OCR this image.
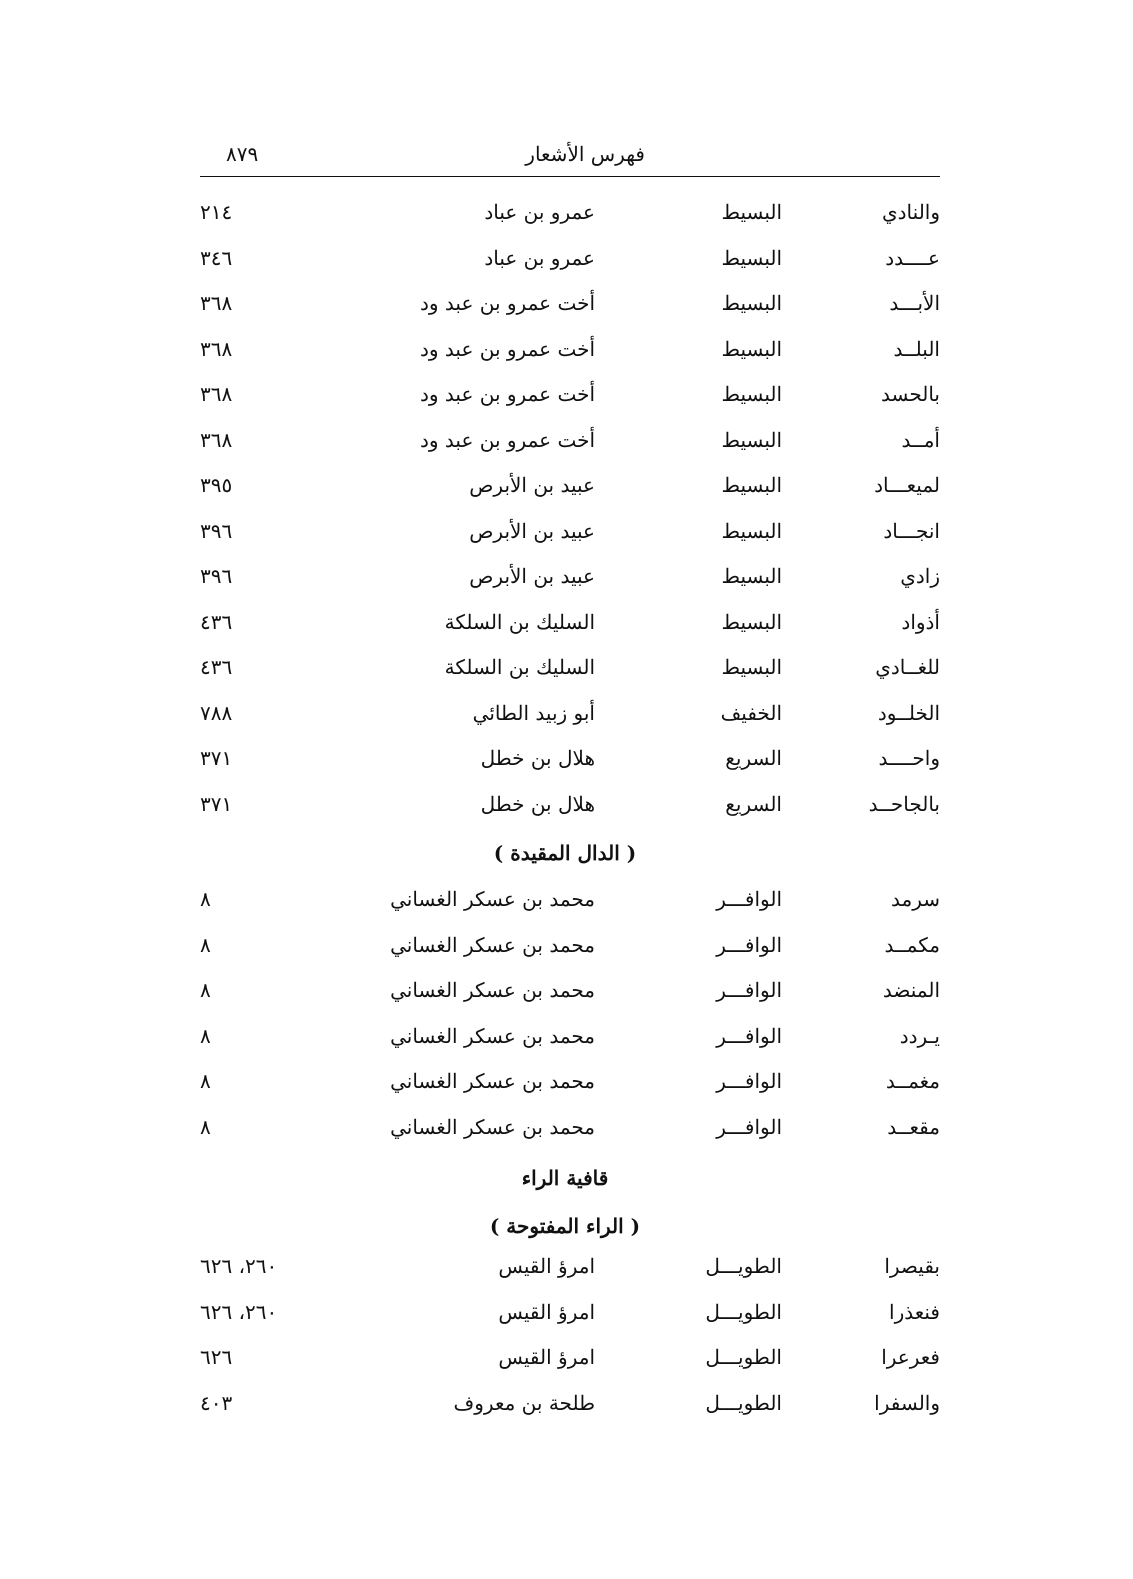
فهرس الأشعار
٨٧٩
والنادي
البسيط
عمرو بن عباد
٢١٤
عــــدد
البسيط
عمرو بن عباد
٣٤٦
الأبـــد
البسيط
أخت عمرو بن عبد ود
٣٦٨
البلــد
البسيط
أخت عمرو بن عبد ود
٣٦٨
بالحسد
البسيط
أخت عمرو بن عبد ود
٣٦٨
أمــد
البسيط
أخت عمرو بن عبد ود
٣٦٨
لميعـــاد
البسيط
عبيد بن الأبرص
٣٩٥
انجـــاد
البسيط
عبيد بن الأبرص
٣٩٦
زادي
البسيط
عبيد بن الأبرص
٣٩٦
أذواد
البسيط
السليك بن السلكة
٤٣٦
للغــادي
البسيط
السليك بن السلكة
٤٣٦
الخلــود
الخفيف
أبو زبيد الطائي
٧٨٨
واحــــد
السريع
هلال بن خطل
٣٧١
بالجاحــد
السريع
هلال بن خطل
٣٧١
( الدال المقيدة )
سرمد
الوافـــر
محمد بن عسكر الغساني
٨
مكمــد
الوافـــر
محمد بن عسكر الغساني
٨
المنضد
الوافـــر
محمد بن عسكر الغساني
٨
يـردد
الوافـــر
محمد بن عسكر الغساني
٨
مغمــد
الوافـــر
محمد بن عسكر الغساني
٨
مقعــد
الوافـــر
محمد بن عسكر الغساني
٨
قافية الراء
( الراء المفتوحة )
بقيصرا
الطويـــل
امرؤ القيس
٢٦٠، ٦٢٦
فنعذرا
الطويـــل
امرؤ القيس
٢٦٠، ٦٢٦
فعرعرا
الطويـــل
امرؤ القيس
٦٢٦
والسفرا
الطويـــل
طلحة بن معروف
٤٠٣
